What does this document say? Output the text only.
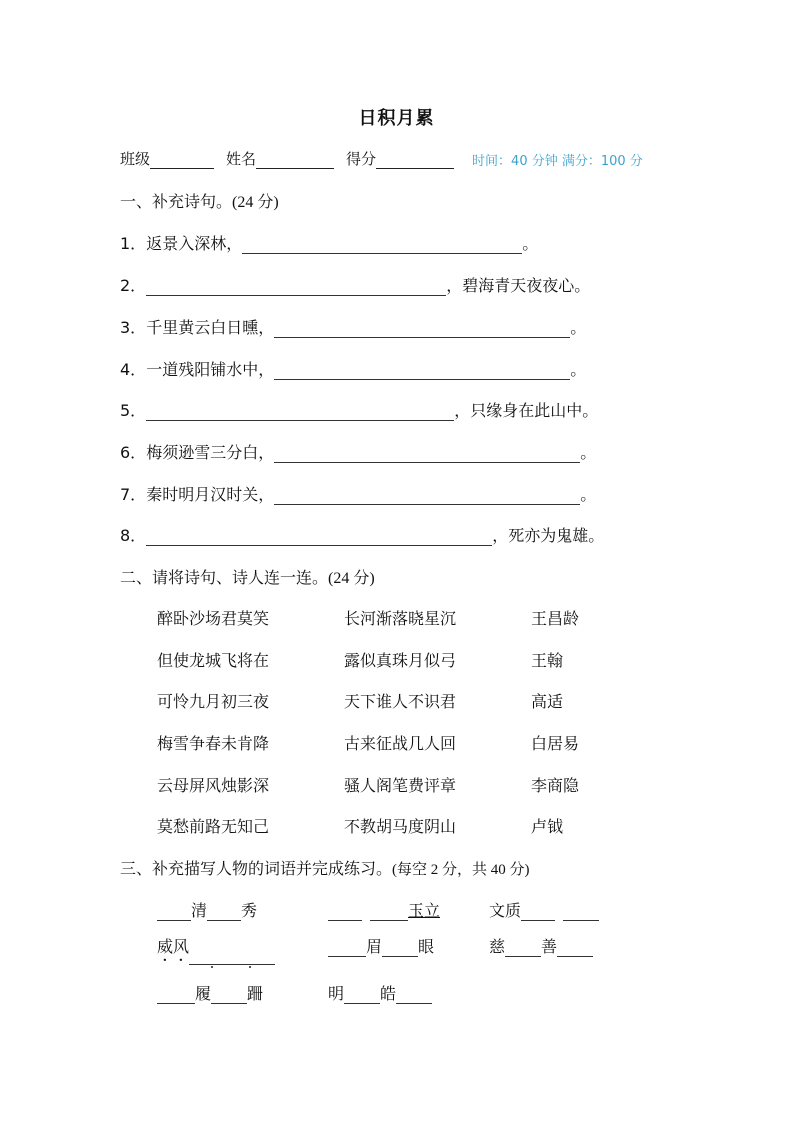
日积月累
班级	姓名	得分	时间：40 分钟 满分：100 分
一、补充诗句。(24 分)
1． 返景入深林，	。
2．	，碧海青天夜夜心。
3． 千里黄云白日曛，	。
4． 一道残阳铺水中，	。
5．	，只缘身在此山中。
6． 梅须逊雪三分白，	。
7． 秦时明月汉时关，	。
8．	，死亦为鬼雄。
二、请将诗句、诗人连一连。(24 分)
醉卧沙场君莫笑	长河渐落晓星沉	王昌龄
但使龙城飞将在	露似真珠月似弓	王翰
可怜九月初三夜	天下谁人不识君	高适
梅雪争春未肯降	古来征战几人回	白居易
云母屏风烛影深	骚人阁笔费评章	李商隐
莫愁前路无知己	不教胡马度阴山	卢钺
三、补充描写人物的词语并完成练习。(每空 2 分，共 40 分)
清 秀	玉立	文质
威风	眉 眼	慈 善
履 跚	明 皓
